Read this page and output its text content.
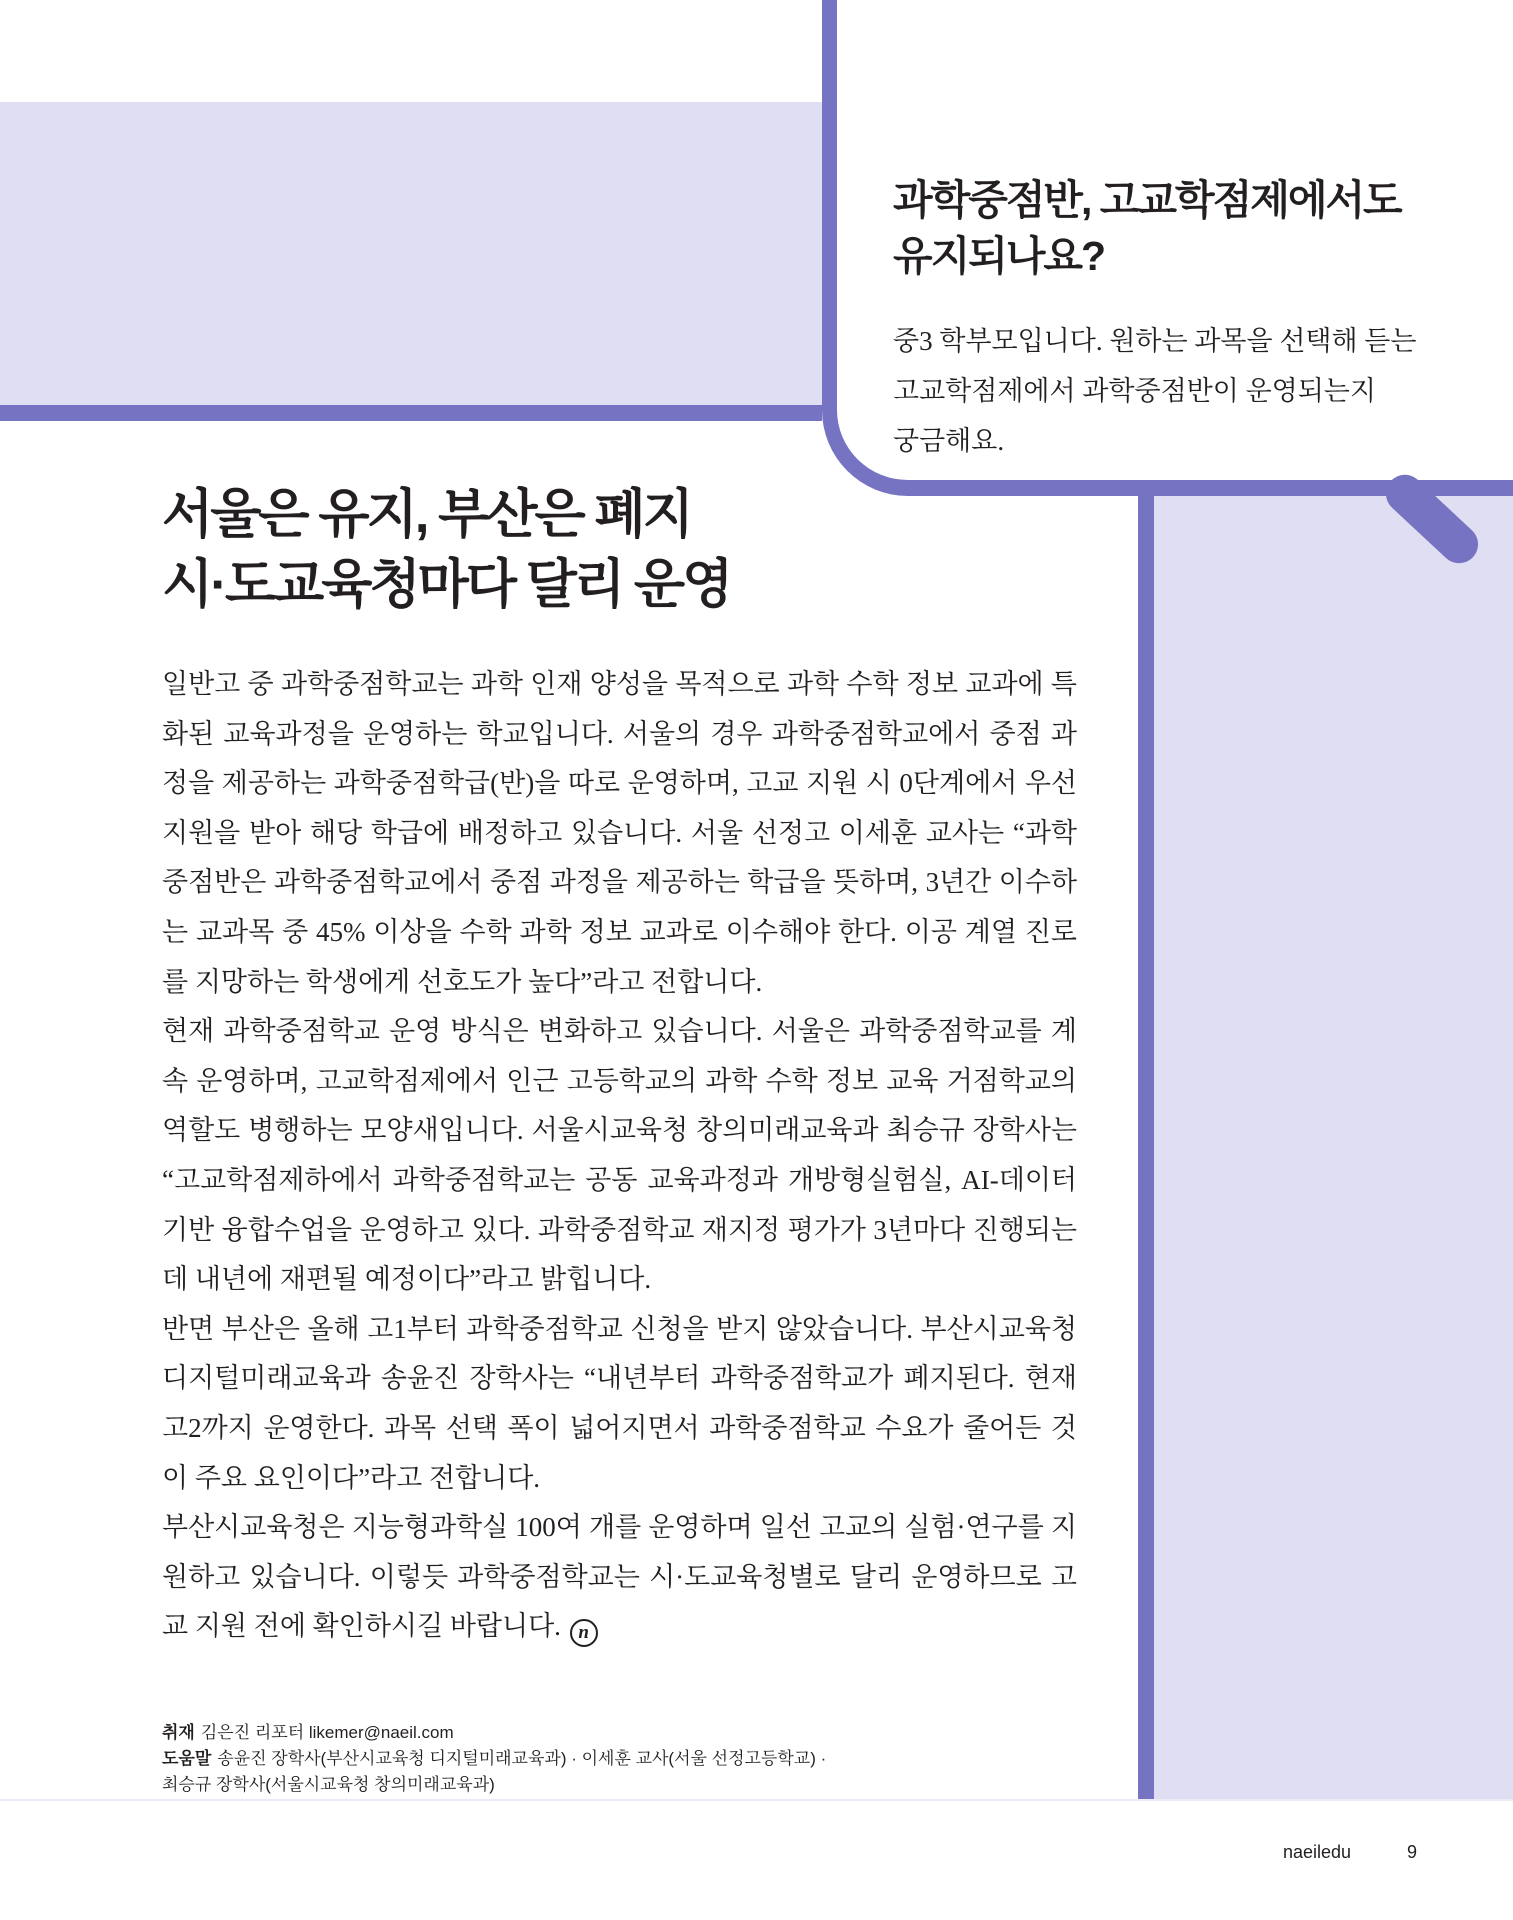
과학중점반, 고교학점제에서도
유지되나요?

중3 학부모입니다. 원하는 과목을 선택해 듣는
고교학점제에서 과학중점반이 운영되는지
궁금해요.

서울은 유지, 부산은 폐지
시·도교육청마다 달리 운영

일반고 중 과학중점학교는 과학 인재 양성을 목적으로 과학 수학 정보 교과에 특화된 교육과정을 운영하는 학교입니다. 서울의 경우 과학중점학교에서 중점 과정을 제공하는 과학중점학급(반)을 따로 운영하며, 고교 지원 시 0단계에서 우선 지원을 받아 해당 학급에 배정하고 있습니다. 서울 선정고 이세훈 교사는 “과학중점반은 과학중점학교에서 중점 과정을 제공하는 학급을 뜻하며, 3년간 이수하는 교과목 중 45% 이상을 수학 과학 정보 교과로 이수해야 한다. 이공 계열 진로를 지망하는 학생에게 선호도가 높다”라고 전합니다.

현재 과학중점학교 운영 방식은 변화하고 있습니다. 서울은 과학중점학교를 계속 운영하며, 고교학점제에서 인근 고등학교의 과학 수학 정보 교육 거점학교의 역할도 병행하는 모양새입니다. 서울시교육청 창의미래교육과 최승규 장학사는 “고교학점제하에서 과학중점학교는 공동 교육과정과 개방형실험실, AI-데이터 기반 융합수업을 운영하고 있다. 과학중점학교 재지정 평가가 3년마다 진행되는데 내년에 재편될 예정이다”라고 밝힙니다.

반면 부산은 올해 고1부터 과학중점학교 신청을 받지 않았습니다. 부산시교육청 디지털미래교육과 송윤진 장학사는 “내년부터 과학중점학교가 폐지된다. 현재 고2까지 운영한다. 과목 선택 폭이 넓어지면서 과학중점학교 수요가 줄어든 것이 주요 요인이다”라고 전합니다.

부산시교육청은 지능형과학실 100여 개를 운영하며 일선 고교의 실험·연구를 지원하고 있습니다. 이렇듯 과학중점학교는 시·도교육청별로 달리 운영하므로 고교 지원 전에 확인하시길 바랍니다. n

취재 김은진 리포터 likemer@naeil.com
도움말 송윤진 장학사(부산시교육청 디지털미래교육과) · 이세훈 교사(서울 선정고등학교) ·
최승규 장학사(서울시교육청 창의미래교육과)
naeiledu	9
